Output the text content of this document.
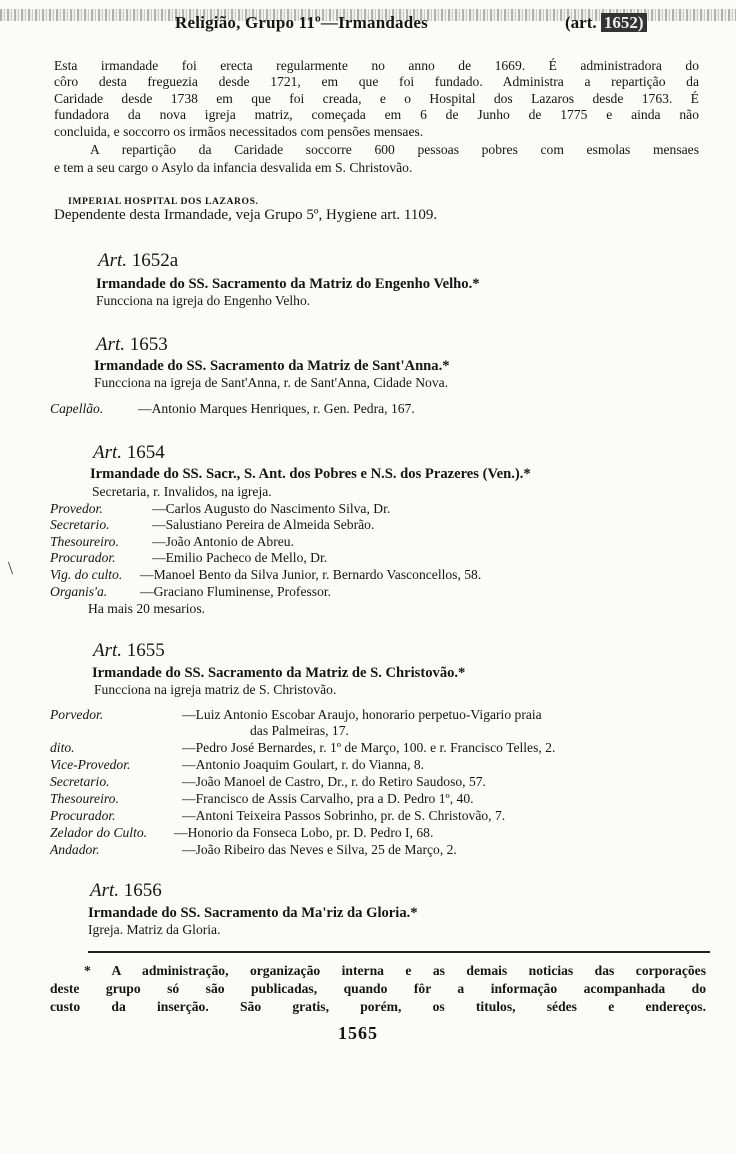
Religião, Grupo 11º—Irmandades	(art. 1652)
Esta irmandade foi erecta regularmente no anno de 1669. É administradora do
côro desta freguezia desde 1721, em que foi fundado. Administra a repartição da
Caridade desde 1738 em que foi creada, e o Hospital dos Lazaros desde 1763. É
fundadora da nova igreja matriz, começada em 6 de Junho de 1775 e ainda não
concluida, e soccorro os irmãos necessitados com pensões mensaes.
A repartição da Caridade soccorre 600 pessoas pobres com esmolas mensaes
e tem a seu cargo o Asylo da infancia desvalida em S. Christovão.
IMPERIAL HOSPITAL DOS LAZAROS.
Dependente desta Irmandade, veja Grupo 5º, Hygiene art. 1109.
Art. 1652a
Irmandade do SS. Sacramento da Matriz do Engenho Velho.*
Funcciona na igreja do Engenho Velho.
Art. 1653
Irmandade do SS. Sacramento da Matriz de Sant'Anna.*
Funcciona na igreja de Sant'Anna, r. de Sant'Anna, Cidade Nova.
Capellão.	—Antonio Marques Henriques, r. Gen. Pedra, 167.
Art. 1654
Irmandade do SS. Sacr., S. Ant. dos Pobres e N.S. dos Prazeres (Ven.).*
Secretaria, r. Invalidos, na igreja.
Provedor.	—Carlos Augusto do Nascimento Silva, Dr.
Secretario.	—Salustiano Pereira de Almeida Sebrão.
Thesoureiro. —João Antonio de Abreu.
Procurador.	—Emilio Pacheco de Mello, Dr.
Vig. do culto. —Manoel Bento da Silva Junior, r. Bernardo Vasconcellos, 58.
Organis'a. —Graciano Fluminense, Professor.
Ha mais 20 mesarios.
\
Art. 1655
Irmandade do SS. Sacramento da Matriz de S. Christovão.*
Funcciona na igreja matriz de S. Christovão.
Porvedor.	—Luiz Antonio Escobar Araujo, honorario perpetuo-Vigario praia
das Palmeiras, 17.
dito.	—Pedro José Bernardes, r. 1º de Março, 100. e r. Francisco Telles, 2.
Vice-Provedor.	—Antonio Joaquim Goulart, r. do Vianna, 8.
Secretario.	—João Manoel de Castro, Dr., r. do Retiro Saudoso, 57.
Thesoureiro.	—Francisco de Assis Carvalho, pra a D. Pedro 1º, 40.
Procurador.	—Antoni Teixeira Passos Sobrinho, pr. de S. Christovão, 7.
Zelador do Culto. —Honorio da Fonseca Lobo, pr. D. Pedro I, 68.
Andador.	—João Ribeiro das Neves e Silva, 25 de Março, 2.
Art. 1656
Irmandade do SS. Sacramento da Ma'riz da Gloria.*
Igreja. Matriz da Gloria.
* A administração, organização interna e as demais noticias das corporações
deste grupo só são publicadas, quando fôr a informação acompanhada do
custo da inserção. São gratis, porém, os titulos, sédes e endereços.
1565
